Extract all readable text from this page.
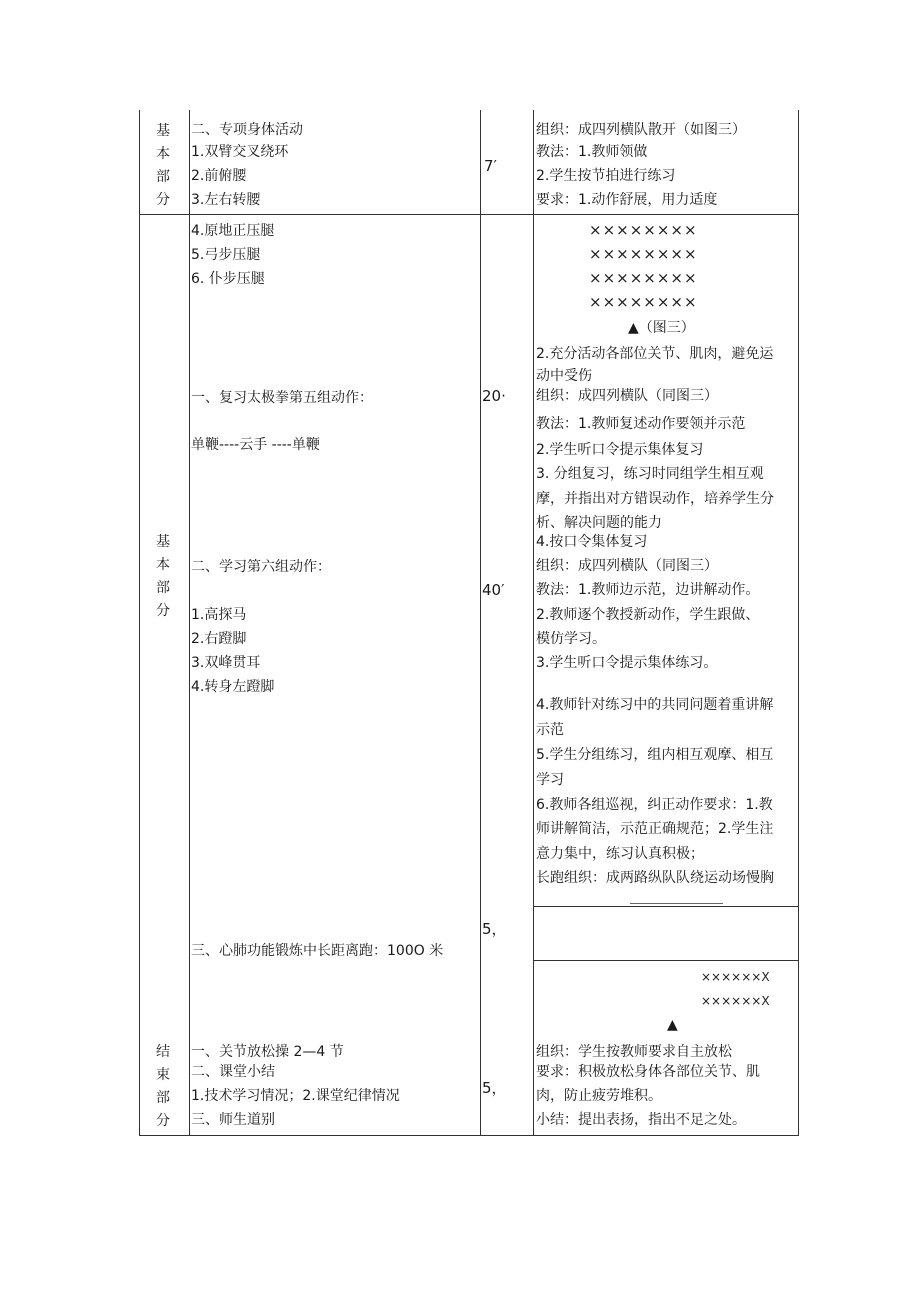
基
本
部
分
二、专项身体活动
1.双臂交叉绕环
2.前俯腰
3.左右转腰
7′
组织：成四列横队散开（如图三）
教法：1.教师领做
2.学生按节拍进行练习
要求：1.动作舒展，用力适度
基
本
部
分
4.原地正压腿
5.弓步压腿
6. 仆步压腿
一、复习太极拳第五组动作：
单鞭----云手 ----单鞭
20·
二、学习第六组动作：
1.高探马
2.右蹬脚
3.双峰贯耳
4.转身左蹬脚
40′
三、心肺功能锻炼中长距离跑：100O 米
5，
××××××××
××××××××
××××××××
××××××××
▲（图三）
2.充分活动各部位关节、肌肉，避免运
动中受伤
组织：成四列横队（同图三）
教法：1.教师复述动作要领并示范
2.学生听口令提示集体复习
3. 分组复习，练习时同组学生相互观
摩，并指出对方错误动作，培养学生分
析、解决问题的能力
4.按口令集体复习
组织：成四列横队（同图三）
教法：1.教师边示范，边讲解动作。
2.教师逐个教授新动作，学生跟做、
模仿学习。
3.学生听口令提示集体练习。
4.教师针对练习中的共同问题着重讲解
示范
5.学生分组练习，组内相互观摩、相互
学习
6.教师各组巡视，纠正动作要求：1.教
师讲解简洁，示范正确规范；2.学生注
意力集中，练习认真积极；
长跑组织：成两路纵队队绕运动场慢胸
××××××X
××××××X
▲
结
束
部
分
一、关节放松操 2—4 节
二、课堂小结
1.技术学习情况；2.课堂纪律情况
三、师生道别
5，
组织：学生按教师要求自主放松
要求：积极放松身体各部位关节、肌
肉，防止疲劳堆积。
小结：提出表扬，指出不足之处。
